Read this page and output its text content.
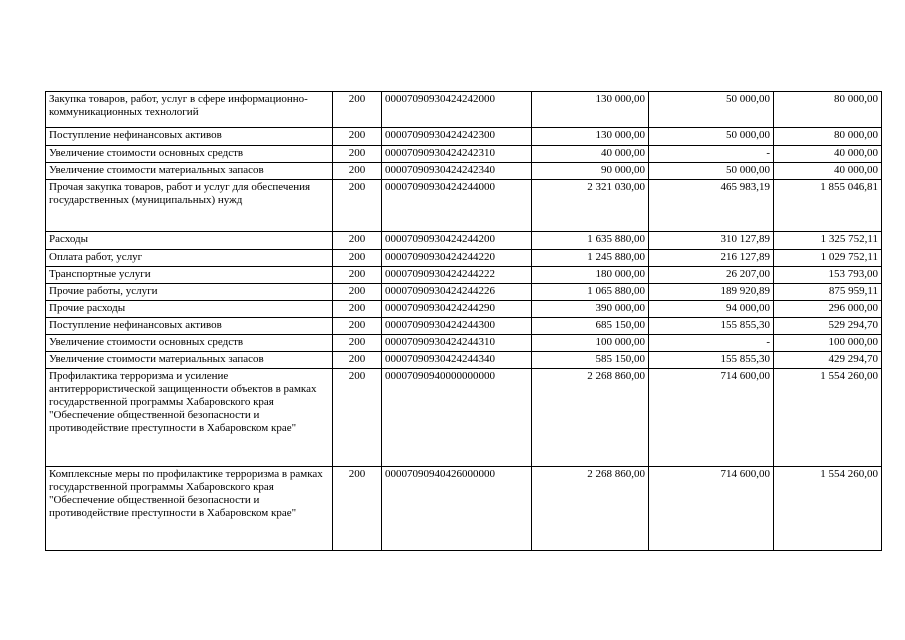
Закупка товаров, работ, услуг в сфере информационно-коммуникационных технологий	200	00007090930424242000	130 000,00	50 000,00	80 000,00
Поступление нефинансовых активов	200	00007090930424242300	130 000,00	50 000,00	80 000,00
Увеличение стоимости основных средств	200	00007090930424242310	40 000,00	-	40 000,00
Увеличение стоимости материальных запасов	200	00007090930424242340	90 000,00	50 000,00	40 000,00
Прочая закупка товаров, работ и услуг для обеспечения государственных (муниципальных) нужд	200	00007090930424244000	2 321 030,00	465 983,19	1 855 046,81
Расходы	200	00007090930424244200	1 635 880,00	310 127,89	1 325 752,11
Оплата работ, услуг	200	00007090930424244220	1 245 880,00	216 127,89	1 029 752,11
Транспортные услуги	200	00007090930424244222	180 000,00	26 207,00	153 793,00
Прочие работы, услуги	200	00007090930424244226	1 065 880,00	189 920,89	875 959,11
Прочие расходы	200	00007090930424244290	390 000,00	94 000,00	296 000,00
Поступление нефинансовых активов	200	00007090930424244300	685 150,00	155 855,30	529 294,70
Увеличение стоимости основных средств	200	00007090930424244310	100 000,00	-	100 000,00
Увеличение стоимости материальных запасов	200	00007090930424244340	585 150,00	155 855,30	429 294,70
Профилактика терроризма и усиление антитеррористической защищенности объектов в рамках государственной программы Хабаровского края "Обеспечение общественной безопасности и противодействие преступности в Хабаровском крае"	200	00007090940000000000	2 268 860,00	714 600,00	1 554 260,00
Комплексные меры по профилактике терроризма в рамках государственной программы Хабаровского края "Обеспечение общественной безопасности и противодействие преступности в Хабаровском крае"	200	00007090940426000000	2 268 860,00	714 600,00	1 554 260,00
